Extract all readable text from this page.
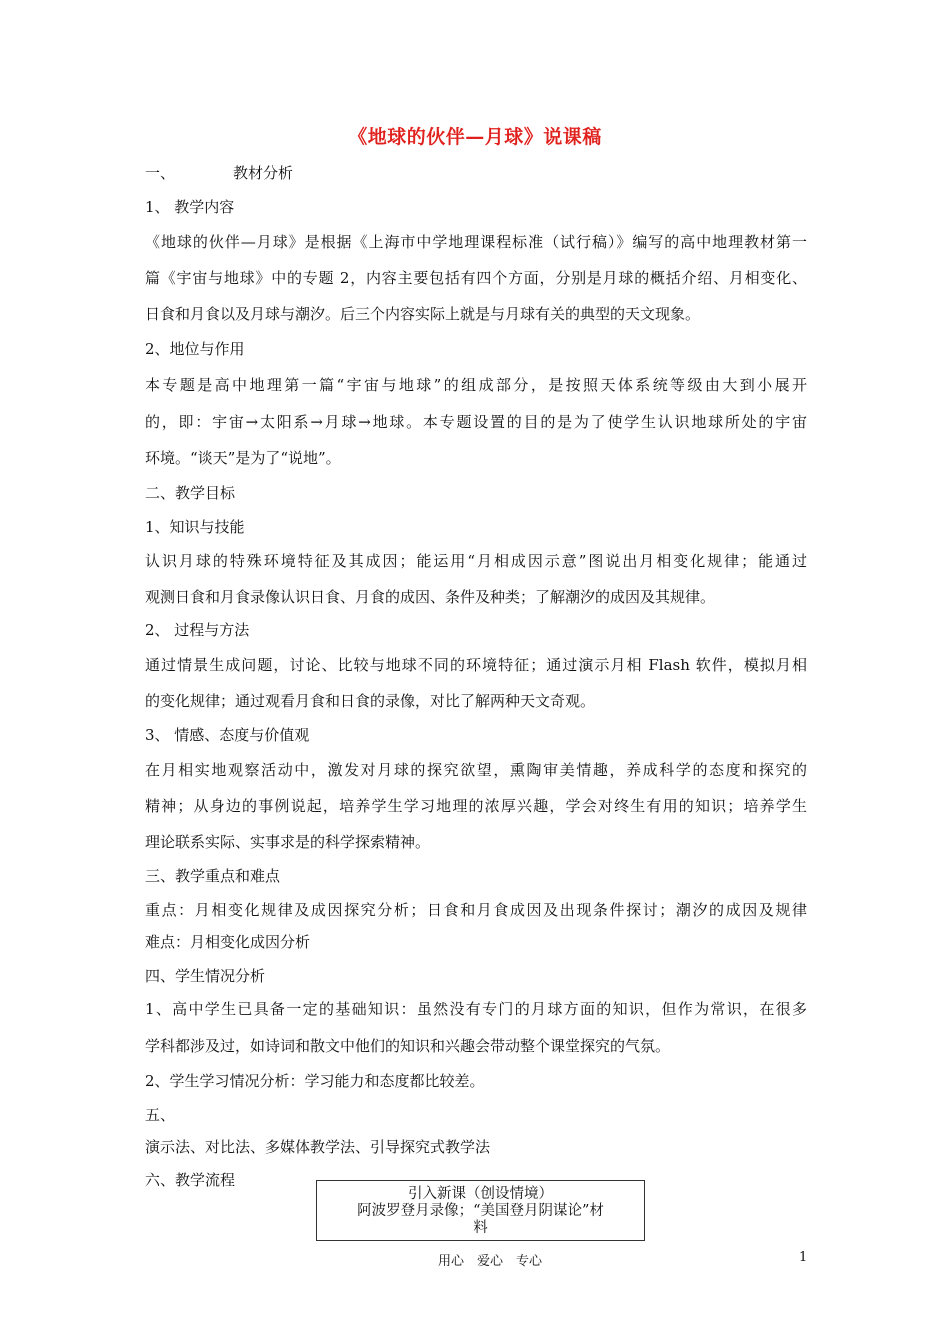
《地球的伙伴—月球》说课稿
一、	教材分析
1、 教学内容
《地球的伙伴—月球》是根据《上海市中学地理课程标准（试行稿）》编写的高中地理教材第一
篇《宇宙与地球》中的专题 2，内容主要包括有四个方面，分别是月球的概括介绍、月相变化、
日食和月食以及月球与潮汐。后三个内容实际上就是与月球有关的典型的天文现象。
2、地位与作用
本专题是高中地理第一篇“宇宙与地球”的组成部分，是按照天体系统等级由大到小展开
的，即：宇宙→太阳系→月球→地球。本专题设置的目的是为了使学生认识地球所处的宇宙
环境。“谈天”是为了“说地”。
二、教学目标
1、知识与技能
认识月球的特殊环境特征及其成因；能运用“月相成因示意”图说出月相变化规律；能通过
观测日食和月食录像认识日食、月食的成因、条件及种类；了解潮汐的成因及其规律。
2、 过程与方法
通过情景生成问题，讨论、比较与地球不同的环境特征；通过演示月相 Flash 软件，模拟月相
的变化规律；通过观看月食和日食的录像，对比了解两种天文奇观。
3、 情感、态度与价值观
在月相实地观察活动中，激发对月球的探究欲望，熏陶审美情趣，养成科学的态度和探究的
精神；从身边的事例说起，培养学生学习地理的浓厚兴趣，学会对终生有用的知识；培养学生
理论联系实际、实事求是的科学探索精神。
三、教学重点和难点
重点：月相变化规律及成因探究分析；日食和月食成因及出现条件探讨；潮汐的成因及规律
难点：月相变化成因分析
四、学生情况分析
1、高中学生已具备一定的基础知识：虽然没有专门的月球方面的知识，但作为常识，在很多
学科都涉及过，如诗词和散文中他们的知识和兴趣会带动整个课堂探究的气氛。
2、学生学习情况分析：学习能力和态度都比较差。
五、
演示法、对比法、多媒体教学法、引导探究式教学法
六、教学流程
引入新课（创设情境）
阿波罗登月录像；“美国登月阴谋论”材
料
用心　爱心　专心	1
